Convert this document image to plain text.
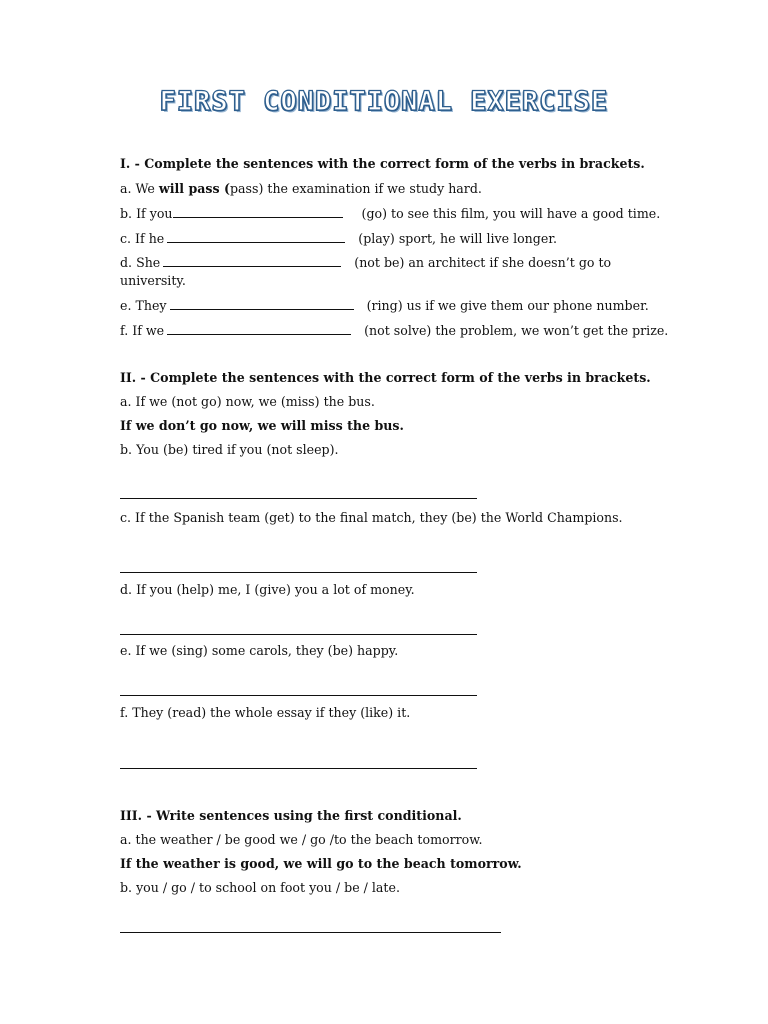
FIRST CONDITIONAL EXERCISE
I. - Complete the sentences with the correct form of the verbs in brackets.
a. We will pass (pass) the examination if we study hard.
b. If you	(go) to see this film, you will have a good time.
c. If he	(play) sport, he will live longer.
d. She	(not be) an architect if she doesn’t go to
university.
e. They	(ring) us if we give them our phone number.
f. If we	(not solve) the problem, we won’t get the prize.
II. - Complete the sentences with the correct form of the verbs in brackets.
a. If we (not go) now, we (miss) the bus.
If we don’t go now, we will miss the bus.
b. You (be) tired if you (not sleep).
c. If the Spanish team (get) to the final match, they (be) the World Champions.
d. If you (help) me, I (give) you a lot of money.
e. If we (sing) some carols, they (be) happy.
f. They (read) the whole essay if they (like) it.
III. - Write sentences using the first conditional.
a. the weather / be good we / go /to the beach tomorrow.
If the weather is good, we will go to the beach tomorrow.
b. you / go / to school on foot you / be / late.
